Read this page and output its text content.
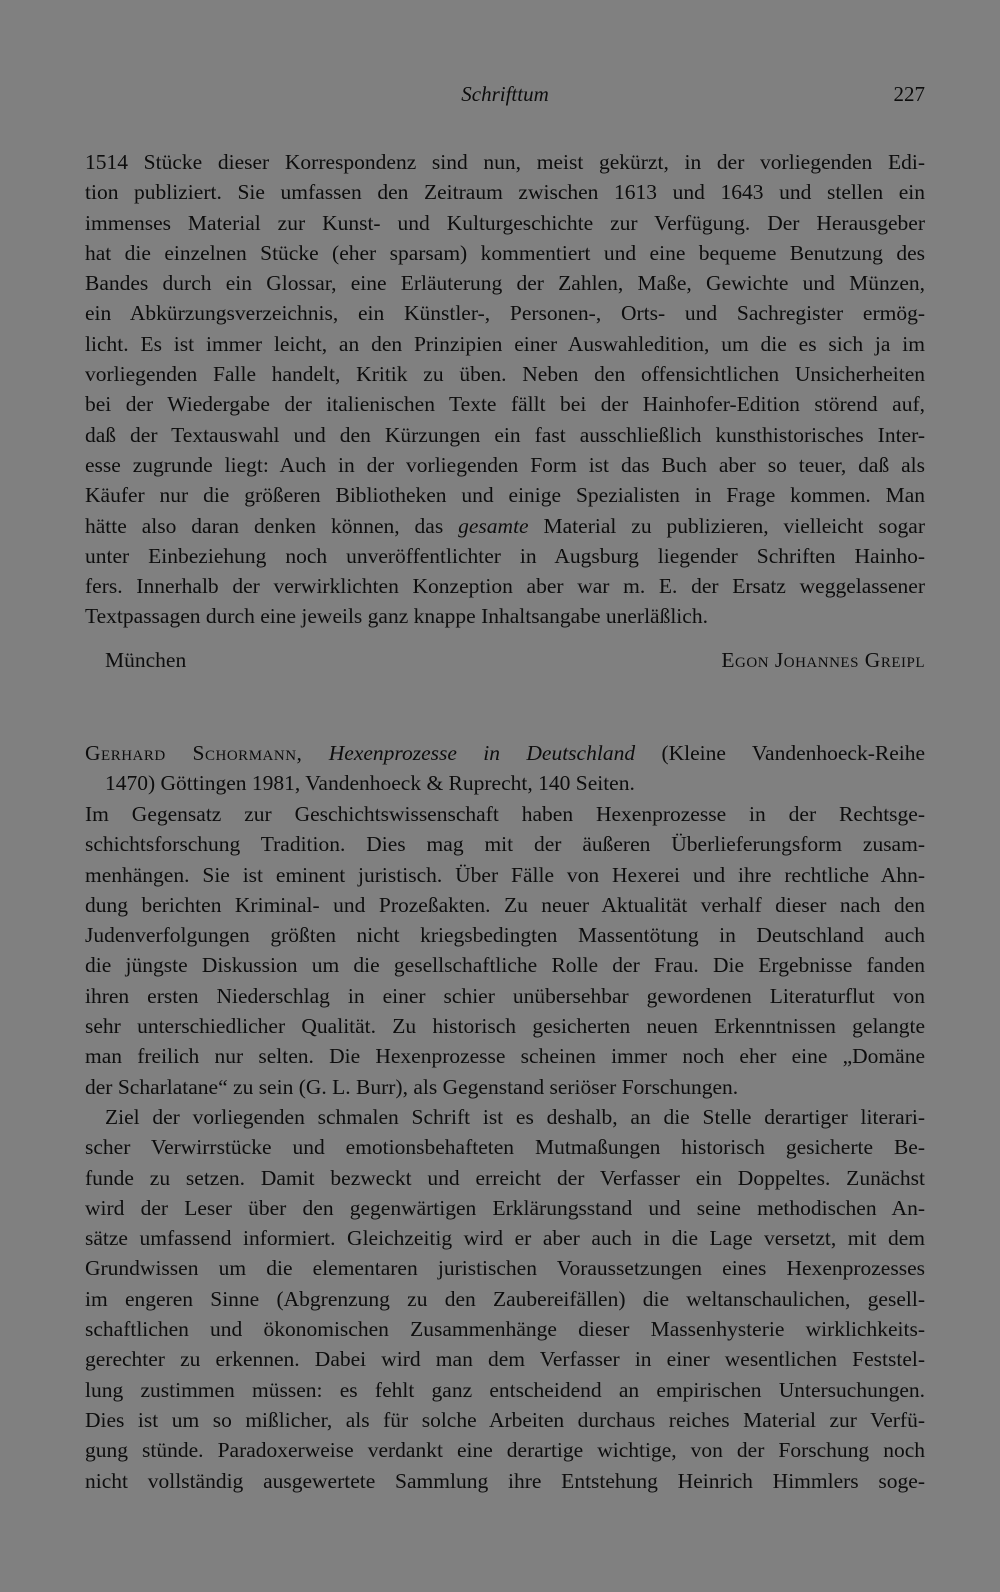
Schrifttum	227
1514 Stücke dieser Korrespondenz sind nun, meist gekürzt, in der vorliegenden Edi-
tion publiziert. Sie umfassen den Zeitraum zwischen 1613 und 1643 und stellen ein
immenses Material zur Kunst- und Kulturgeschichte zur Verfügung. Der Herausgeber
hat die einzelnen Stücke (eher sparsam) kommentiert und eine bequeme Benutzung des
Bandes durch ein Glossar, eine Erläuterung der Zahlen, Maße, Gewichte und Münzen,
ein Abkürzungsverzeichnis, ein Künstler-, Personen-, Orts- und Sachregister ermög-
licht. Es ist immer leicht, an den Prinzipien einer Auswahledition, um die es sich ja im
vorliegenden Falle handelt, Kritik zu üben. Neben den offensichtlichen Unsicherheiten
bei der Wiedergabe der italienischen Texte fällt bei der Hainhofer-Edition störend auf,
daß der Textauswahl und den Kürzungen ein fast ausschließlich kunsthistorisches Inter-
esse zugrunde liegt: Auch in der vorliegenden Form ist das Buch aber so teuer, daß als
Käufer nur die größeren Bibliotheken und einige Spezialisten in Frage kommen. Man
hätte also daran denken können, das gesamte Material zu publizieren, vielleicht sogar
unter Einbeziehung noch unveröffentlichter in Augsburg liegender Schriften Hainho-
fers. Innerhalb der verwirklichten Konzeption aber war m. E. der Ersatz weggelassener
Textpassagen durch eine jeweils ganz knappe Inhaltsangabe unerläßlich.
München	Egon Johannes Greipl
Gerhard Schormann, Hexenprozesse in Deutschland (Kleine Vandenhoeck-Reihe
1470) Göttingen 1981, Vandenhoeck & Ruprecht, 140 Seiten.
Im Gegensatz zur Geschichtswissenschaft haben Hexenprozesse in der Rechtsge-
schichtsforschung Tradition. Dies mag mit der äußeren Überlieferungsform zusam-
menhängen. Sie ist eminent juristisch. Über Fälle von Hexerei und ihre rechtliche Ahn-
dung berichten Kriminal- und Prozeßakten. Zu neuer Aktualität verhalf dieser nach den
Judenverfolgungen größten nicht kriegsbedingten Massentötung in Deutschland auch
die jüngste Diskussion um die gesellschaftliche Rolle der Frau. Die Ergebnisse fanden
ihren ersten Niederschlag in einer schier unübersehbar gewordenen Literaturflut von
sehr unterschiedlicher Qualität. Zu historisch gesicherten neuen Erkenntnissen gelangte
man freilich nur selten. Die Hexenprozesse scheinen immer noch eher eine „Domäne
der Scharlatane“ zu sein (G. L. Burr), als Gegenstand seriöser Forschungen.
Ziel der vorliegenden schmalen Schrift ist es deshalb, an die Stelle derartiger literari-
scher Verwirrstücke und emotionsbehafteten Mutmaßungen historisch gesicherte Be-
funde zu setzen. Damit bezweckt und erreicht der Verfasser ein Doppeltes. Zunächst
wird der Leser über den gegenwärtigen Erklärungsstand und seine methodischen An-
sätze umfassend informiert. Gleichzeitig wird er aber auch in die Lage versetzt, mit dem
Grundwissen um die elementaren juristischen Voraussetzungen eines Hexenprozesses
im engeren Sinne (Abgrenzung zu den Zaubereifällen) die weltanschaulichen, gesell-
schaftlichen und ökonomischen Zusammenhänge dieser Massenhysterie wirklichkeits-
gerechter zu erkennen. Dabei wird man dem Verfasser in einer wesentlichen Feststel-
lung zustimmen müssen: es fehlt ganz entscheidend an empirischen Untersuchungen.
Dies ist um so mißlicher, als für solche Arbeiten durchaus reiches Material zur Verfü-
gung stünde. Paradoxerweise verdankt eine derartige wichtige, von der Forschung noch
nicht vollständig ausgewertete Sammlung ihre Entstehung Heinrich Himmlers soge-
